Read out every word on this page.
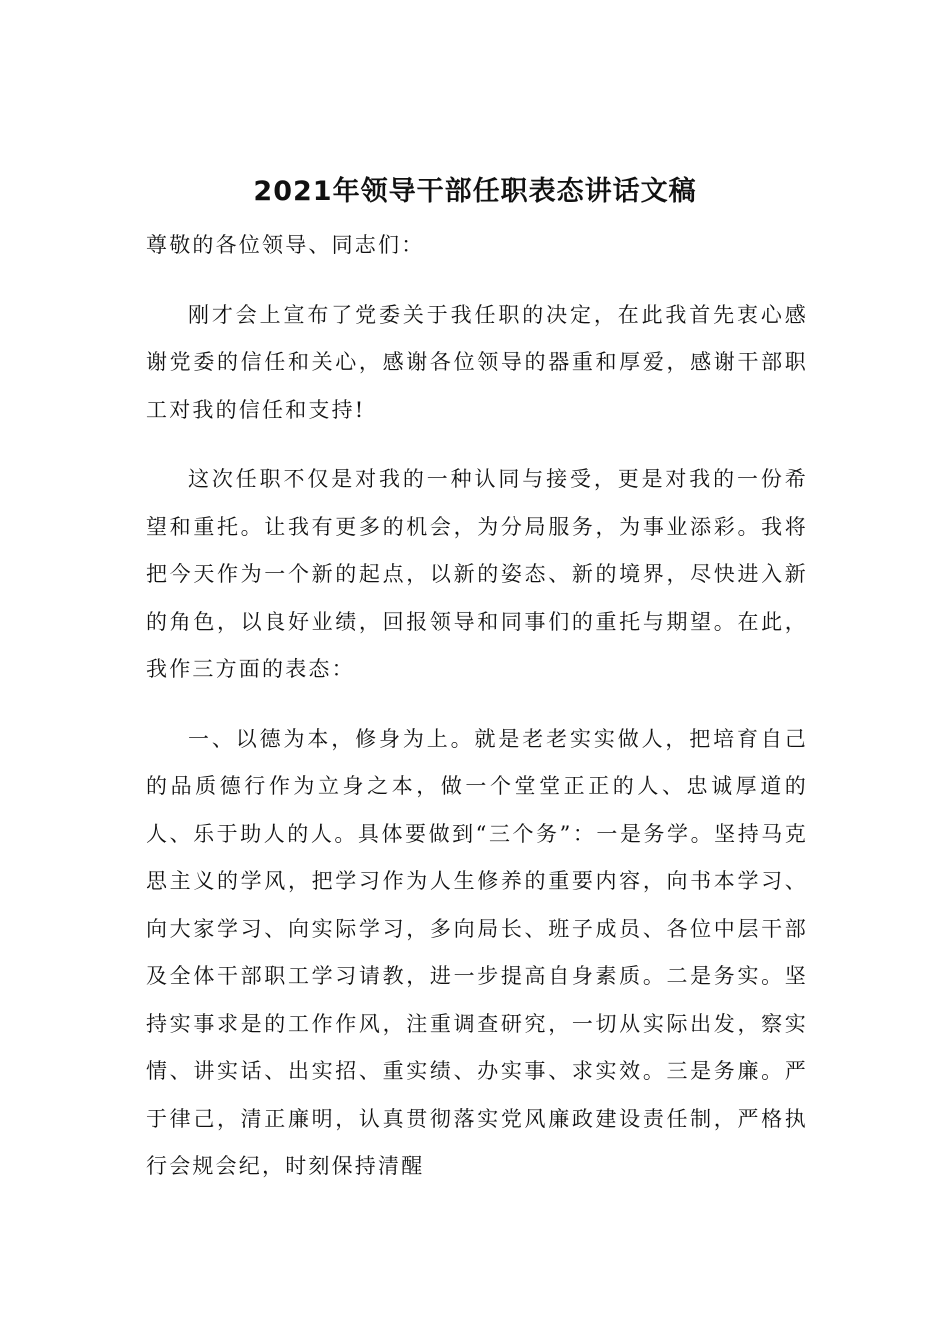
2021年领导干部任职表态讲话文稿

尊敬的各位领导、同志们：

刚才会上宣布了党委关于我任职的决定，在此我首先衷心感谢党委的信任和关心，感谢各位领导的器重和厚爱，感谢干部职工对我的信任和支持!

这次任职不仅是对我的一种认同与接受，更是对我的一份希望和重托。让我有更多的机会，为分局服务，为事业添彩。我将把今天作为一个新的起点，以新的姿态、新的境界，尽快进入新的角色，以良好业绩，回报领导和同事们的重托与期望。在此，我作三方面的表态：

一、以德为本，修身为上。就是老老实实做人，把培育自己的品质德行作为立身之本，做一个堂堂正正的人、忠诚厚道的人、乐于助人的人。具体要做到“三个务”：一是务学。坚持马克思主义的学风，把学习作为人生修养的重要内容，向书本学习、向大家学习、向实际学习，多向局长、班子成员、各位中层干部及全体干部职工学习请教，进一步提高自身素质。二是务实。坚持实事求是的工作作风，注重调查研究，一切从实际出发，察实情、讲实话、出实招、重实绩、办实事、求实效。三是务廉。严于律己，清正廉明，认真贯彻落实党风廉政建设责任制，严格执行会规会纪，时刻保持清醒
